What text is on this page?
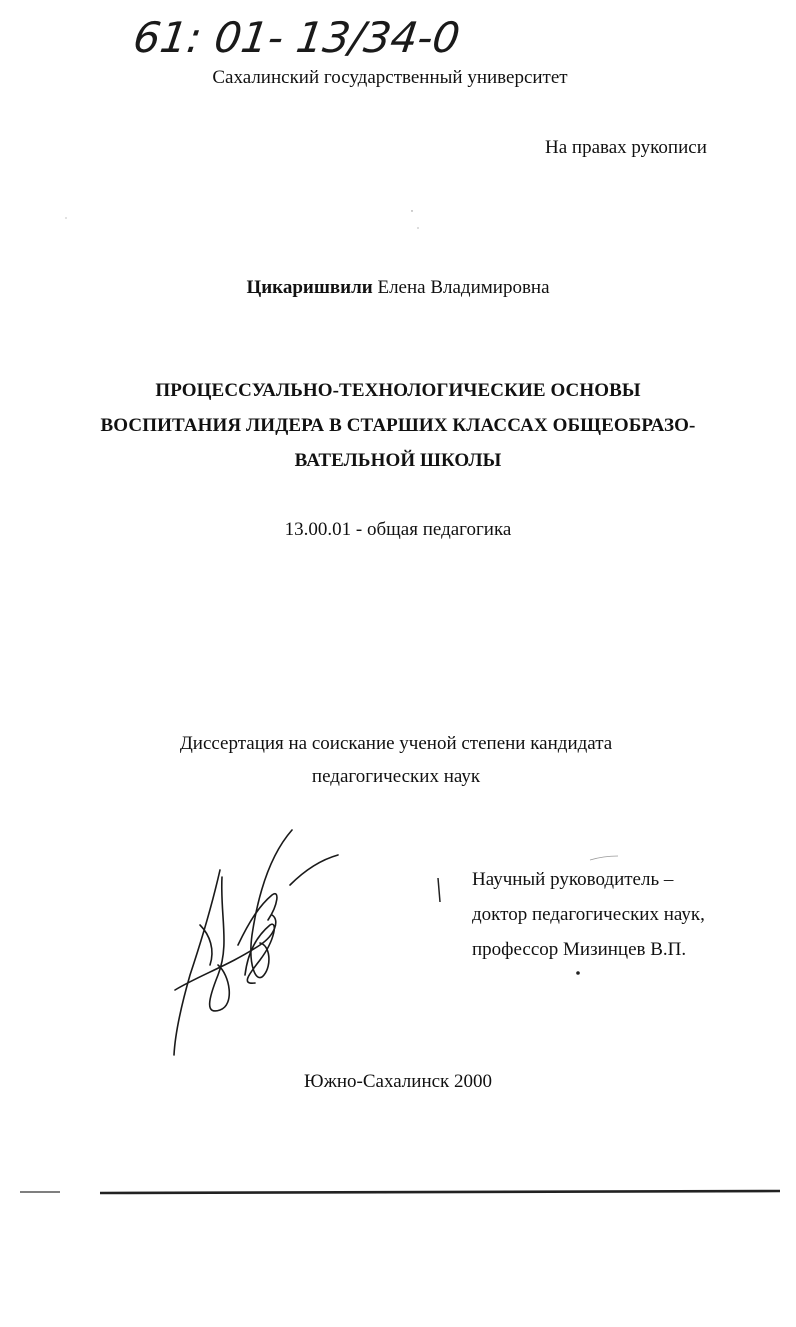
61: 01- 13/34-0
Сахалинский государственный университет
На правах рукописи
Цикаришвили Елена Владимировна
ПРОЦЕССУАЛЬНО-ТЕХНОЛОГИЧЕСКИЕ ОСНОВЫ
ВОСПИТАНИЯ ЛИДЕРА В СТАРШИХ КЛАССАХ ОБЩЕОБРАЗО-
ВАТЕЛЬНОЙ ШКОЛЫ
13.00.01 - общая педагогика
Диссертация на соискание ученой степени кандидата
педагогических наук
Научный руководитель –
доктор педагогических наук,
профессор Мизинцев В.П.
Южно-Сахалинск 2000
